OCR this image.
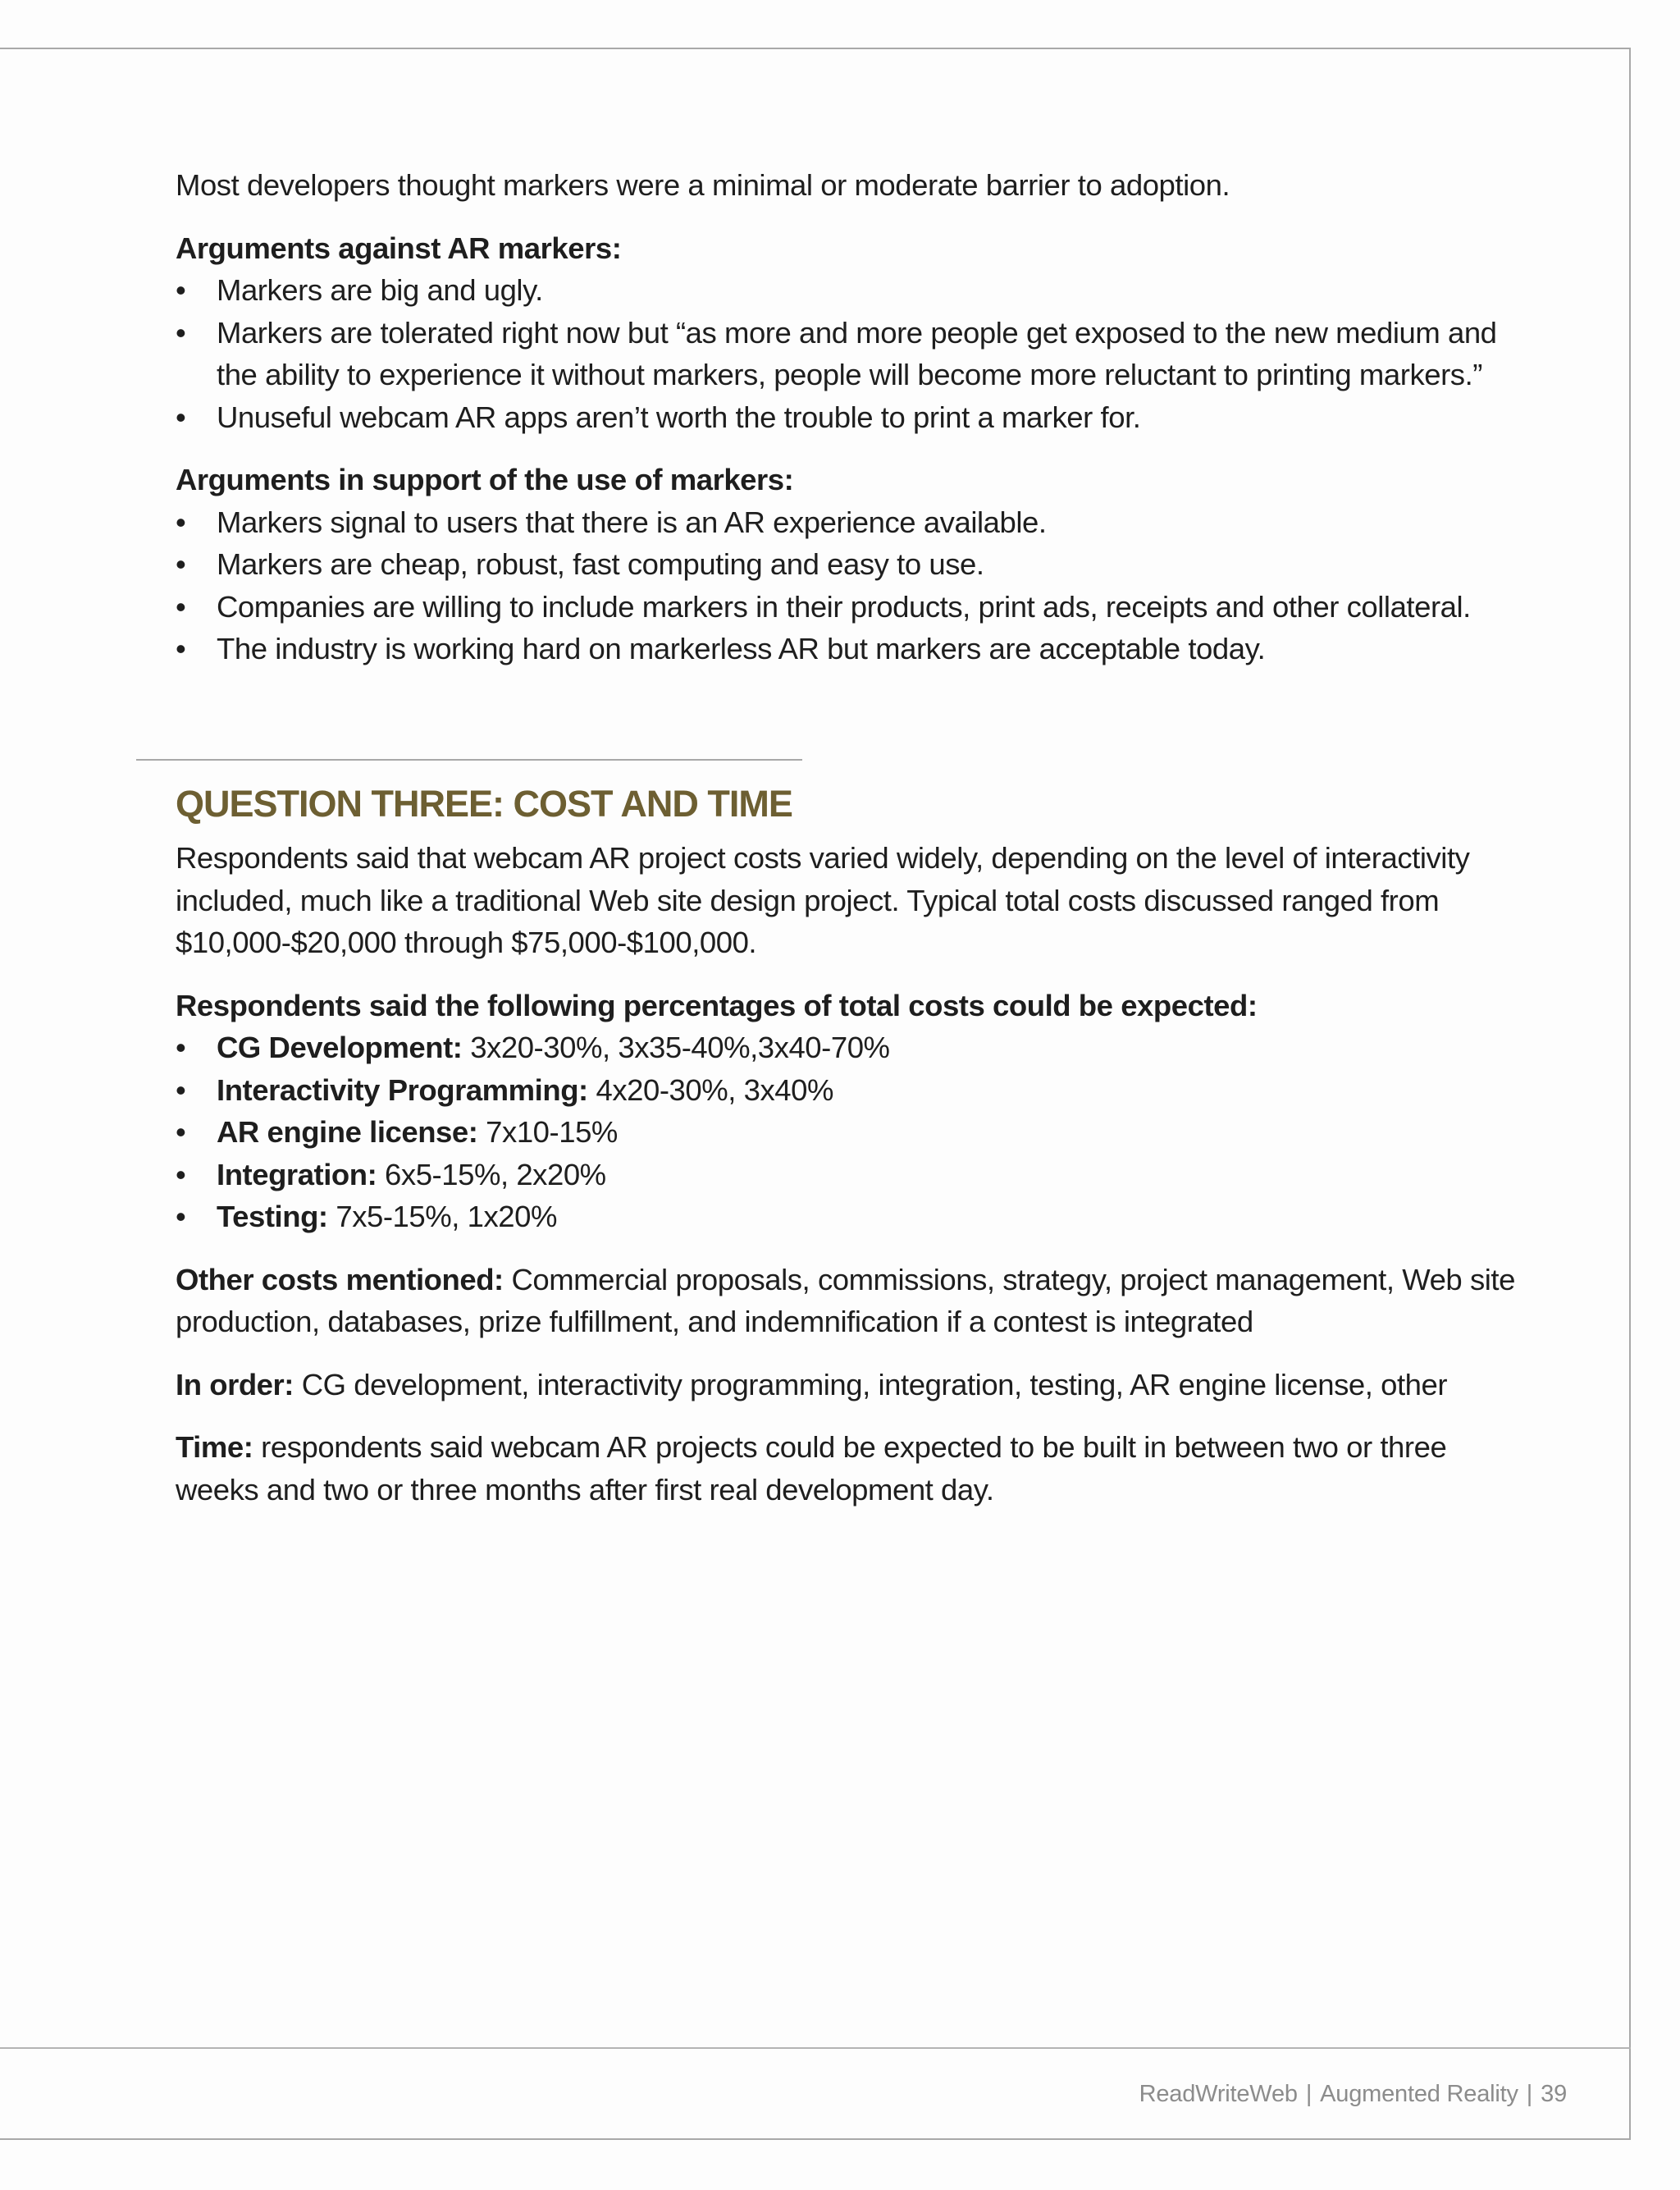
Most developers thought markers were a minimal or moderate barrier to adoption.

Arguments against AR markers:

• Markers are big and ugly.
• Markers are tolerated right now but “as more and more people get exposed to the new medium and the ability to experience it without markers, people will become more reluctant to printing markers.”
• Unuseful webcam AR apps aren’t worth the trouble to print a marker for.

Arguments in support of the use of markers:

• Markers signal to users that there is an AR experience available.
• Markers are cheap, robust, fast computing and easy to use.
• Companies are willing to include markers in their products, print ads, receipts and other collateral.
• The industry is working hard on markerless AR but markers are acceptable today.
QUESTION THREE: COST AND TIME

Respondents said that webcam AR project costs varied widely, depending on the level of interactivity included, much like a traditional Web site design project. Typical total costs discussed ranged from $10,000-$20,000 through $75,000-$100,000.

Respondents said the following percentages of total costs could be expected:

• CG Development: 3x20-30%, 3x35-40%,3x40-70%
• Interactivity Programming: 4x20-30%, 3x40%
• AR engine license: 7x10-15%
• Integration: 6x5-15%, 2x20%
• Testing: 7x5-15%, 1x20%

Other costs mentioned: Commercial proposals, commissions, strategy, project management, Web site production, databases, prize fulfillment, and indemnification if a contest is integrated

In order: CG development, interactivity programming, integration, testing, AR engine license, other

Time: respondents said webcam AR projects could be expected to be built in between two or three weeks and two or three months after first real development day.

ReadWriteWeb | Augmented Reality | 39
